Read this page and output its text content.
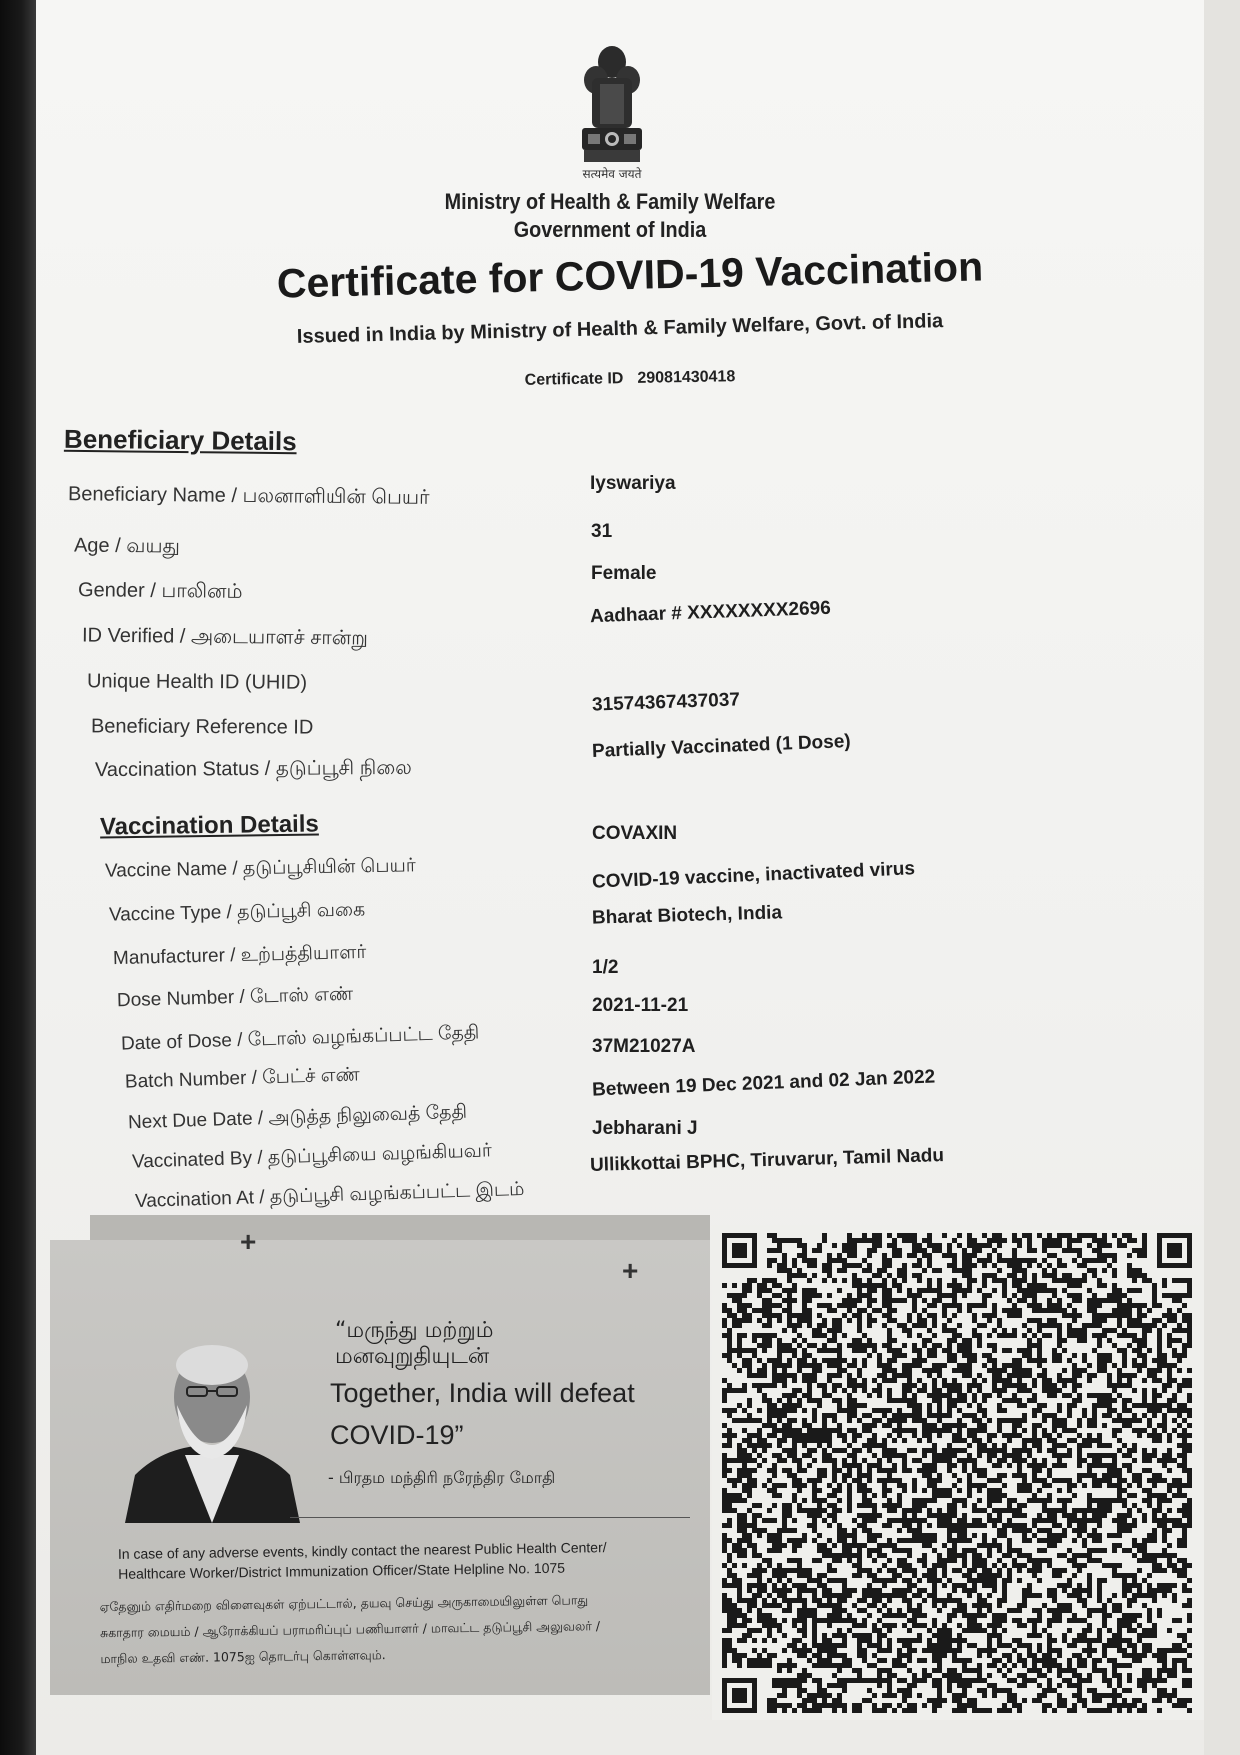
सत्यमेव जयते
Ministry of Health & Family Welfare
Government of India
Certificate for COVID-19 Vaccination
Issued in India by Ministry of Health & Family Welfare, Govt. of India
Certificate ID 29081430418
Beneficiary Details
Beneficiary Name / பலனாளியின் பெயர்	Iyswariya
Age / வயது
31
Gender / பாலினம்
Female
ID Verified / அடையாளச் சான்று
Aadhaar # XXXXXXXX2696
Unique Health ID (UHID)
Beneficiary Reference ID
31574367437037
Vaccination Status / தடுப்பூசி நிலை
Partially Vaccinated (1 Dose)
Vaccination Details
Vaccine Name / தடுப்பூசியின் பெயர்
COVAXIN
Vaccine Type / தடுப்பூசி வகை
COVID-19 vaccine, inactivated virus
Manufacturer / உற்பத்தியாளர்
Bharat Biotech, India
Dose Number / டோஸ் எண்
1/2
Date of Dose / டோஸ் வழங்கப்பட்ட தேதி
2021-11-21
Batch Number / பேட்ச் எண்
37M21027A
Next Due Date / அடுத்த நிலுவைத் தேதி
Between 19 Dec 2021 and 02 Jan 2022
Vaccinated By / தடுப்பூசியை வழங்கியவர்
Jebharani J
Vaccination At / தடுப்பூசி வழங்கப்பட்ட இடம்
Ullikkottai BPHC, Tiruvarur, Tamil Nadu
+
+
“மருந்து மற்றும்
மனவுறுதியுடன்
Together, India will defeat
COVID-19”
- பிரதம மந்திரி நரேந்திர மோதி
In case of any adverse events, kindly contact the nearest Public Health Center/
Healthcare Worker/District Immunization Officer/State Helpline No. 1075
ஏதேனும் எதிர்மறை விளைவுகள் ஏற்பட்டால், தயவு செய்து அருகாமையிலுள்ள பொது
சுகாதார மையம் / ஆரோக்கியப் பராமரிப்புப் பணியாளர் / மாவட்ட தடுப்பூசி அலுவலர் /
மாநில உதவி எண். 1075ஐ தொடர்பு கொள்ளவும்.
